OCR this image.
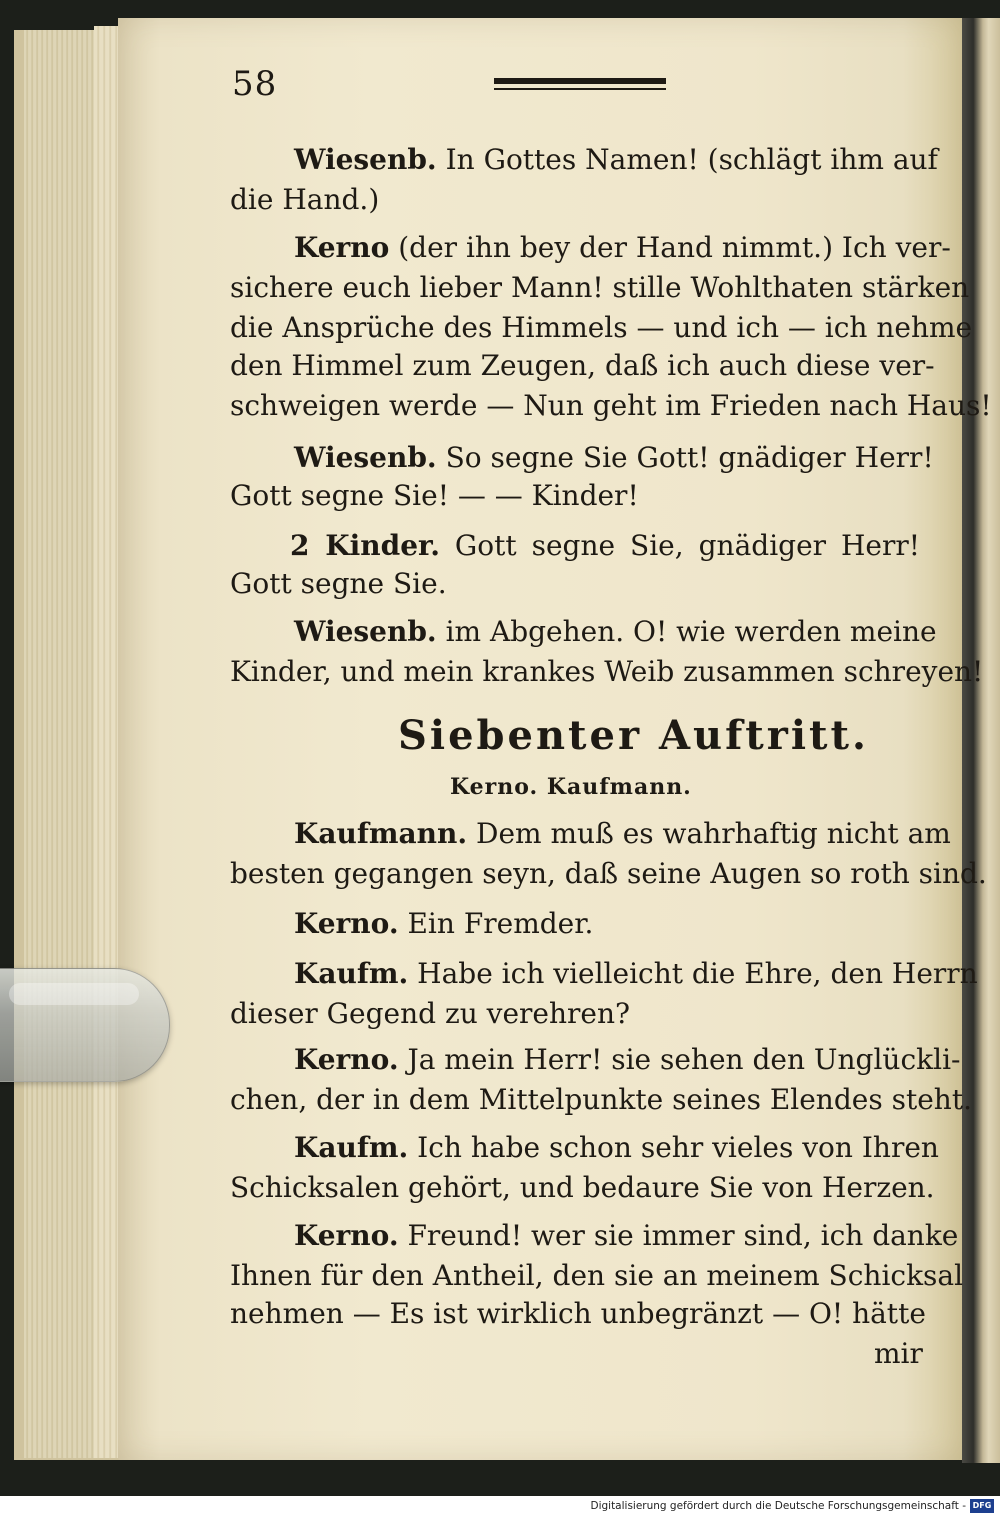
58
Wiesenb. In Gottes Namen! (schlägt ihm auf
die Hand.)
Kerno (der ihn bey der Hand nimmt.) Ich ver-
sichere euch lieber Mann! stille Wohlthaten stärken
die Ansprüche des Himmels — und ich — ich nehme
den Himmel zum Zeugen, daß ich auch diese ver-
schweigen werde — Nun geht im Frieden nach Haus!
Wiesenb. So segne Sie Gott! gnädiger Herr!
Gott segne Sie! — — Kinder!
2 Kinder. Gott segne Sie, gnädiger Herr!
Gott segne Sie.
Wiesenb. im Abgehen. O! wie werden meine
Kinder, und mein krankes Weib zusammen schreyen!
Siebenter Auftritt.
Kerno. Kaufmann.
Kaufmann. Dem muß es wahrhaftig nicht am
besten gegangen seyn, daß seine Augen so roth sind.
Kerno. Ein Fremder.
Kaufm. Habe ich vielleicht die Ehre, den Herrn
dieser Gegend zu verehren?
Kerno. Ja mein Herr! sie sehen den Unglückli-
chen, der in dem Mittelpunkte seines Elendes steht.
Kaufm. Ich habe schon sehr vieles von Ihren
Schicksalen gehört, und bedaure Sie von Herzen.
Kerno. Freund! wer sie immer sind, ich danke
Ihnen für den Antheil, den sie an meinem Schicksal
nehmen — Es ist wirklich unbegränzt — O! hätte
mir
Digitalisierung gefördert durch die Deutsche Forschungsgemeinschaft - DFG
